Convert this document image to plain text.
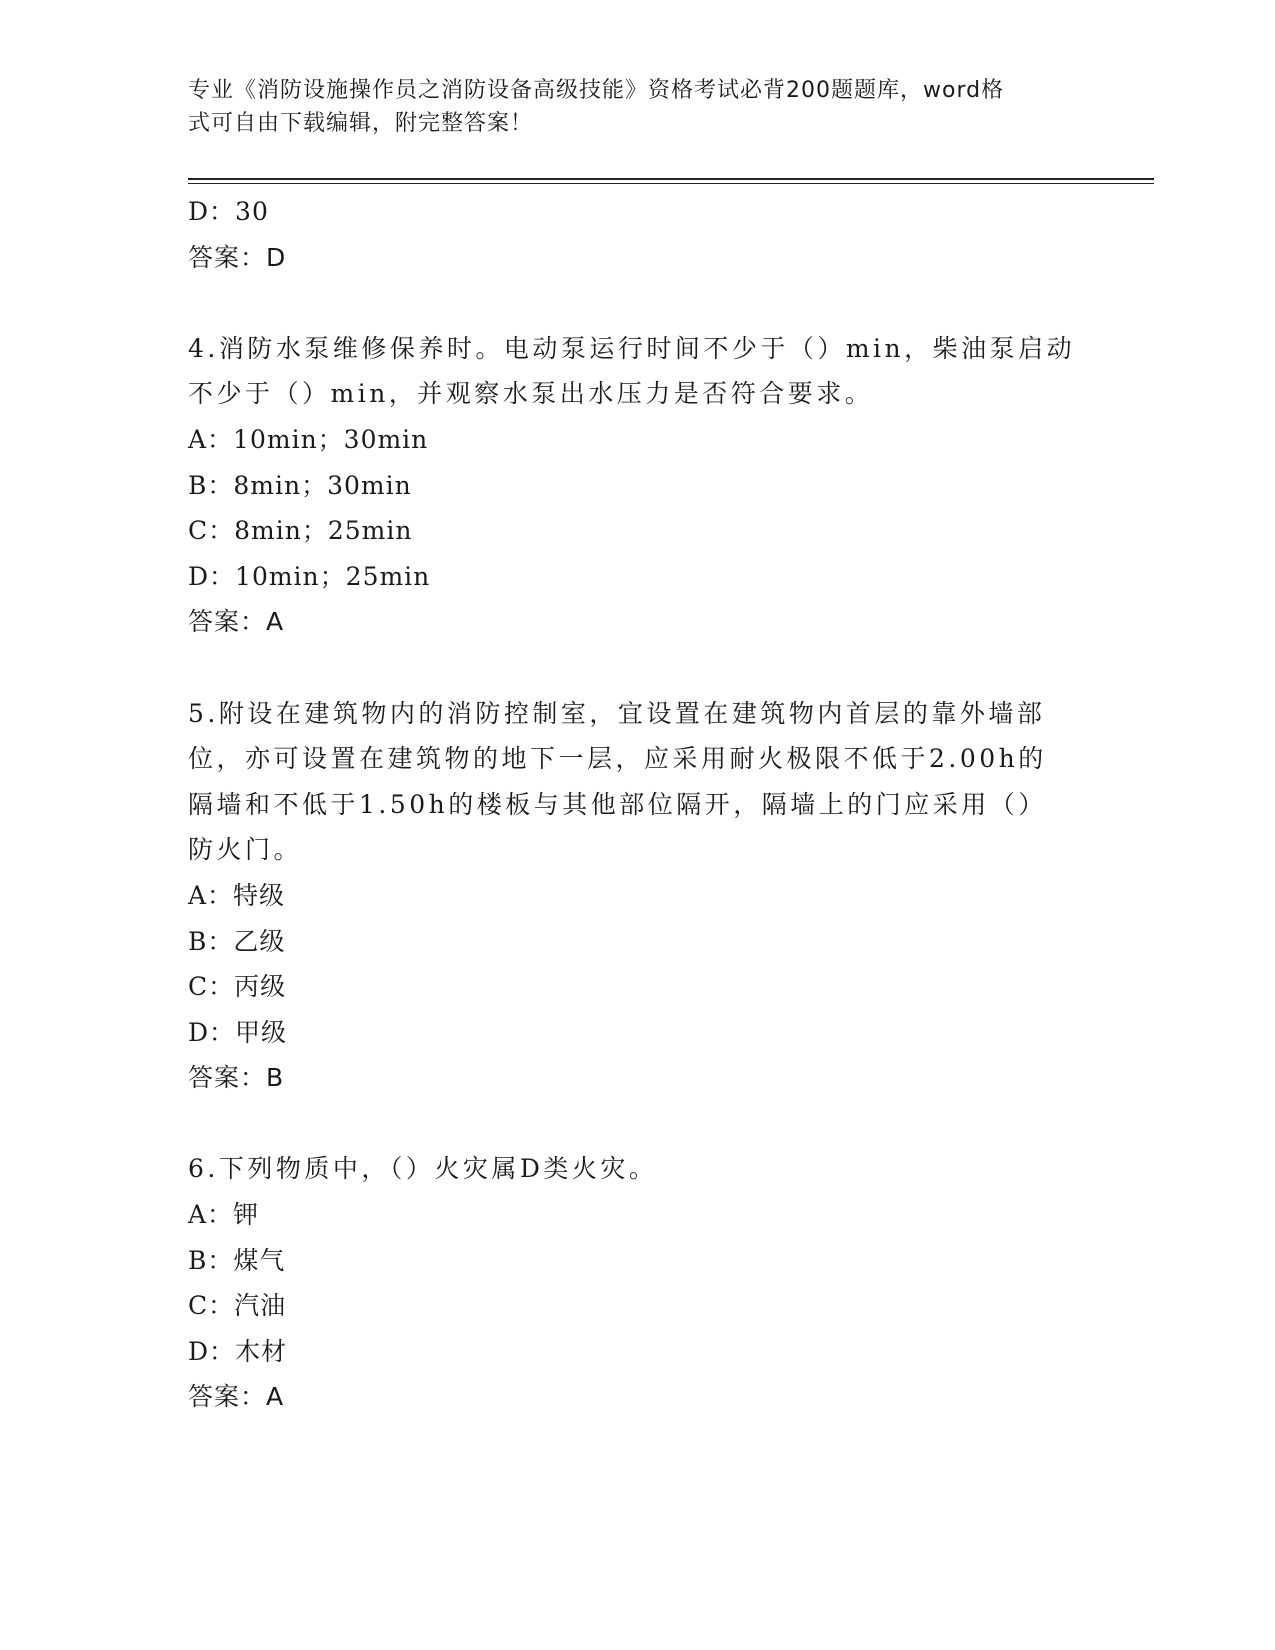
专业《消防设施操作员之消防设备高级技能》资格考试必背200题题库，word格
式可自由下载编辑，附完整答案！
D：30
答案：D
4.消防水泵维修保养时。电动泵运行时间不少于（）min，柴油泵启动
不少于（）min，并观察水泵出水压力是否符合要求。
A：10min；30min
B：8min；30min
C：8min；25min
D：10min；25min
答案：A
5.附设在建筑物内的消防控制室，宜设置在建筑物内首层的靠外墙部
位，亦可设置在建筑物的地下一层，应采用耐火极限不低于2.00h的
隔墙和不低于1.50h的楼板与其他部位隔开，隔墙上的门应采用（）
防火门。
A：特级
B：乙级
C：丙级
D：甲级
答案：B
6.下列物质中，（）火灾属D类火灾。
A：钾
B：煤气
C：汽油
D：木材
答案：A
